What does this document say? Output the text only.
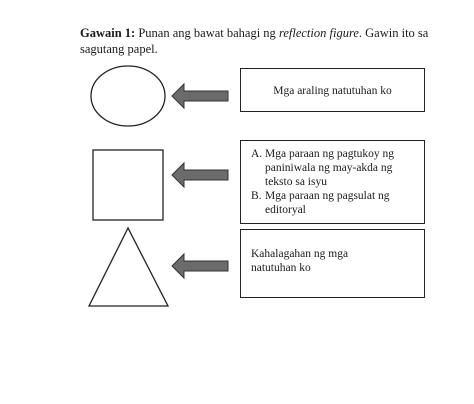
Gawain 1: Punan ang bawat bahagi ng reflection figure. Gawin ito sa sagutang papel.
Mga araling natutuhan ko
A. Mga paraan ng pagtukoy ng paniniwala ng may-akda ng teksto sa isyu
B. Mga paraan ng pagsulat ng editoryal
Kahalagahan ng mga
natutuhan ko
